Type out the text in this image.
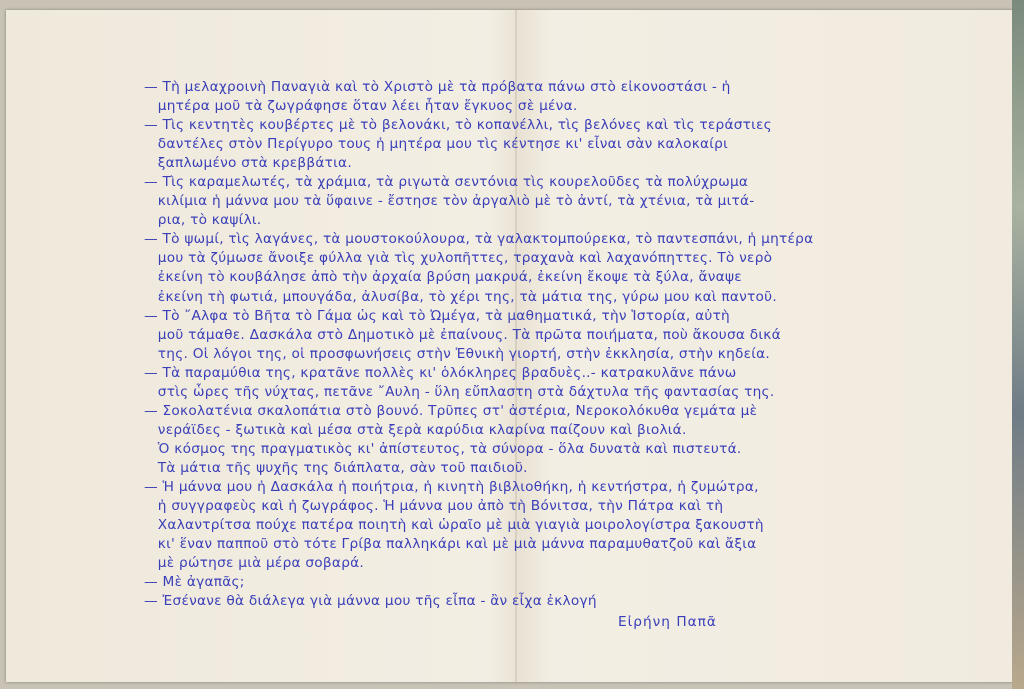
— Τὴ μελαχροινὴ Παναγιὰ καὶ τὸ Χριστὸ μὲ τὰ πρόβατα πάνω στὸ εἰκονοστάσι - ἡ
μητέρα μοῦ τὰ ζωγράφησε ὅταν λέει ἦταν ἔγκυος σὲ μένα.
— Τὶς κεντητὲς κουβέρτες μὲ τὸ βελονάκι, τὸ κοπανέλλι, τὶς βελόνες καὶ τὶς τεράστιες
δαντέλες στὸν Περίγυρο τους ἡ μητέρα μου τὶς κέντησε κι' εἶναι σὰν καλοκαίρι
ξαπλωμένο στὰ κρεββάτια.
— Τὶς καραμελωτές, τὰ χράμια, τὰ ριγωτὰ σεντόνια τὶς κουρελοῦδες τὰ πολύχρωμα
κιλίμια ἡ μάννα μου τὰ ὕφαινε - ἔστησε τὸν ἀργαλιὸ μὲ τὸ ἀντί, τὰ χτένια, τὰ μιτά-
ρια, τὸ καψίλι.
— Τὸ ψωμί, τὶς λαγάνες, τὰ μουστοκούλουρα, τὰ γαλακτομπούρεκα, τὸ παντεσπάνι, ἡ μητέρα
μου τὰ ζύμωσε ἄνοιξε φύλλα γιὰ τὶς χυλοπῆττες, τραχανὰ καὶ λαχανόπηττες. Τὸ νερὸ
ἐκείνη τὸ κουβάλησε ἀπὸ τὴν ἀρχαία βρύση μακρυά, ἐκείνη ἔκοψε τὰ ξύλα, ἄναψε
ἐκείνη τὴ φωτιά, μπουγάδα, ἀλυσίβα, τὸ χέρι της, τὰ μάτια της, γύρω μου καὶ παντοῦ.
— Τὸ ῎Αλφα τὸ Βῆτα τὸ Γάμα ὡς καὶ τὸ Ὠμέγα, τὰ μαθηματικά, τὴν Ἱστορία, αὐτὴ
μοῦ τάμαθε. Δασκάλα στὸ Δημοτικὸ μὲ ἐπαίνους. Τὰ πρῶτα ποιήματα, ποὺ ἄκουσα δικά
της. Οἱ λόγοι της, οἱ προσφωνήσεις στὴν Ἐθνικὴ γιορτή, στὴν ἐκκλησία, στὴν κηδεία.
— Τὰ παραμύθια της, κρατᾶνε πολλὲς κι' ὁλόκληρες βραδυὲς..- κατρακυλᾶνε πάνω
στὶς ὧρες τῆς νύχτας, πετᾶνε ῎Αυλη - ὕλη εὔπλαστη στὰ δάχτυλα τῆς φαντασίας της.
— Σοκολατένια σκαλοπάτια στὸ βουνό. Τρῦπες στ' ἀστέρια, Νεροκολόκυθα γεμάτα μὲ
νεράϊδες - ξωτικὰ καὶ μέσα στὰ ξερὰ καρύδια κλαρίνα παίζουν καὶ βιολιά.
Ὁ κόσμος της πραγματικὸς κι' ἀπίστευτος, τὰ σύνορα - ὅλα δυνατὰ καὶ πιστευτά.
Τὰ μάτια τῆς ψυχῆς της διάπλατα, σὰν τοῦ παιδιοῦ.
— Ἡ μάννα μου ἡ Δασκάλα ἡ ποιήτρια, ἡ κινητὴ βιβλιοθήκη, ἡ κεντήστρα, ἡ ζυμώτρα,
ἡ συγγραφεὺς καὶ ἡ ζωγράφος. Ἡ μάννα μου ἀπὸ τὴ Βόνιτσα, τὴν Πάτρα καὶ τὴ
Χαλαντρίτσα πούχε πατέρα ποιητὴ καὶ ὡραῖο μὲ μιὰ γιαγιὰ μοιρολογίστρα ξακουστὴ
κι' ἕναν παπποῦ στὸ τότε Γρίβα παλληκάρι καὶ μὲ μιὰ μάννα παραμυθατζοῦ καὶ ἄξια
μὲ ρώτησε μιὰ μέρα σοβαρά.
— Μὲ ἀγαπᾶς;
— Ἐσένανε θὰ διάλεγα γιὰ μάννα μου τῆς εἶπα - ἂν εἶχα ἐκλογή
Εἰρήνη Παπᾶ
